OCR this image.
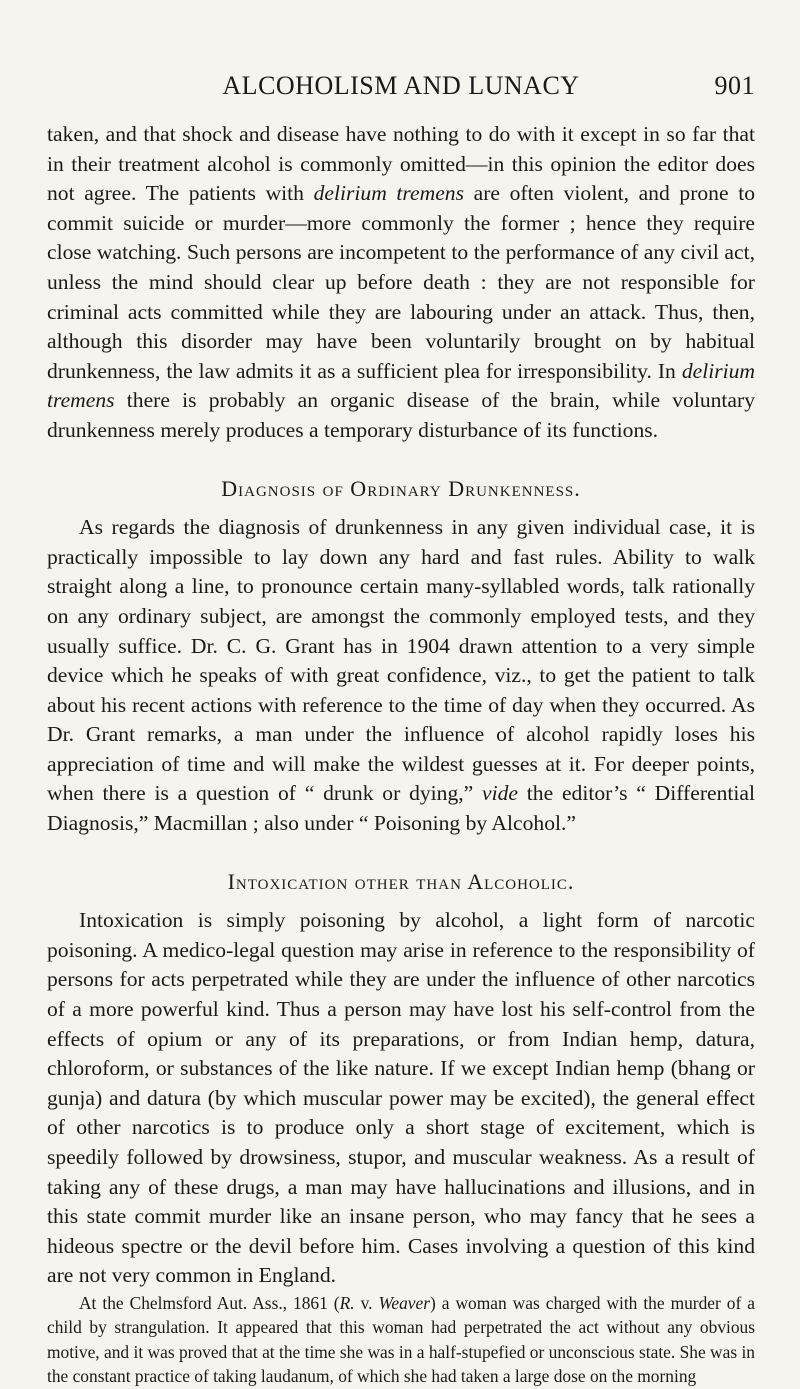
ALCOHOLISM AND LUNACY	901

taken, and that shock and disease have nothing to do with it except in so far that in their treatment alcohol is commonly omitted—in this opinion the editor does not agree. The patients with delirium tremens are often violent, and prone to commit suicide or murder—more commonly the former ; hence they require close watching. Such persons are incompetent to the performance of any civil act, unless the mind should clear up before death : they are not responsible for criminal acts committed while they are labouring under an attack. Thus, then, although this disorder may have been voluntarily brought on by habitual drunkenness, the law admits it as a sufficient plea for irresponsibility. In delirium tremens there is probably an organic disease of the brain, while voluntary drunkenness merely produces a temporary disturbance of its functions.

Diagnosis of Ordinary Drunkenness.

As regards the diagnosis of drunkenness in any given individual case, it is practically impossible to lay down any hard and fast rules. Ability to walk straight along a line, to pronounce certain many-syllabled words, talk rationally on any ordinary subject, are amongst the commonly employed tests, and they usually suffice. Dr. C. G. Grant has in 1904 drawn attention to a very simple device which he speaks of with great confidence, viz., to get the patient to talk about his recent actions with reference to the time of day when they occurred. As Dr. Grant remarks, a man under the influence of alcohol rapidly loses his appreciation of time and will make the wildest guesses at it. For deeper points, when there is a question of “ drunk or dying,” vide the editor’s “ Differential Diagnosis,” Macmillan ; also under “ Poisoning by Alcohol.”

Intoxication other than Alcoholic.

Intoxication is simply poisoning by alcohol, a light form of narcotic poisoning. A medico-legal question may arise in reference to the responsibility of persons for acts perpetrated while they are under the influence of other narcotics of a more powerful kind. Thus a person may have lost his self-control from the effects of opium or any of its preparations, or from Indian hemp, datura, chloroform, or substances of the like nature. If we except Indian hemp (bhang or gunja) and datura (by which muscular power may be excited), the general effect of other narcotics is to produce only a short stage of excitement, which is speedily followed by drowsiness, stupor, and muscular weakness. As a result of taking any of these drugs, a man may have hallucinations and illusions, and in this state commit murder like an insane person, who may fancy that he sees a hideous spectre or the devil before him. Cases involving a question of this kind are not very common in England.

At the Chelmsford Aut. Ass., 1861 (R. v. Weaver) a woman was charged with the murder of a child by strangulation. It appeared that this woman had perpetrated the act without any obvious motive, and it was proved that at the time she was in a half-stupefied or unconscious state. She was in the constant practice of taking laudanum, of which she had taken a large dose on the morning
